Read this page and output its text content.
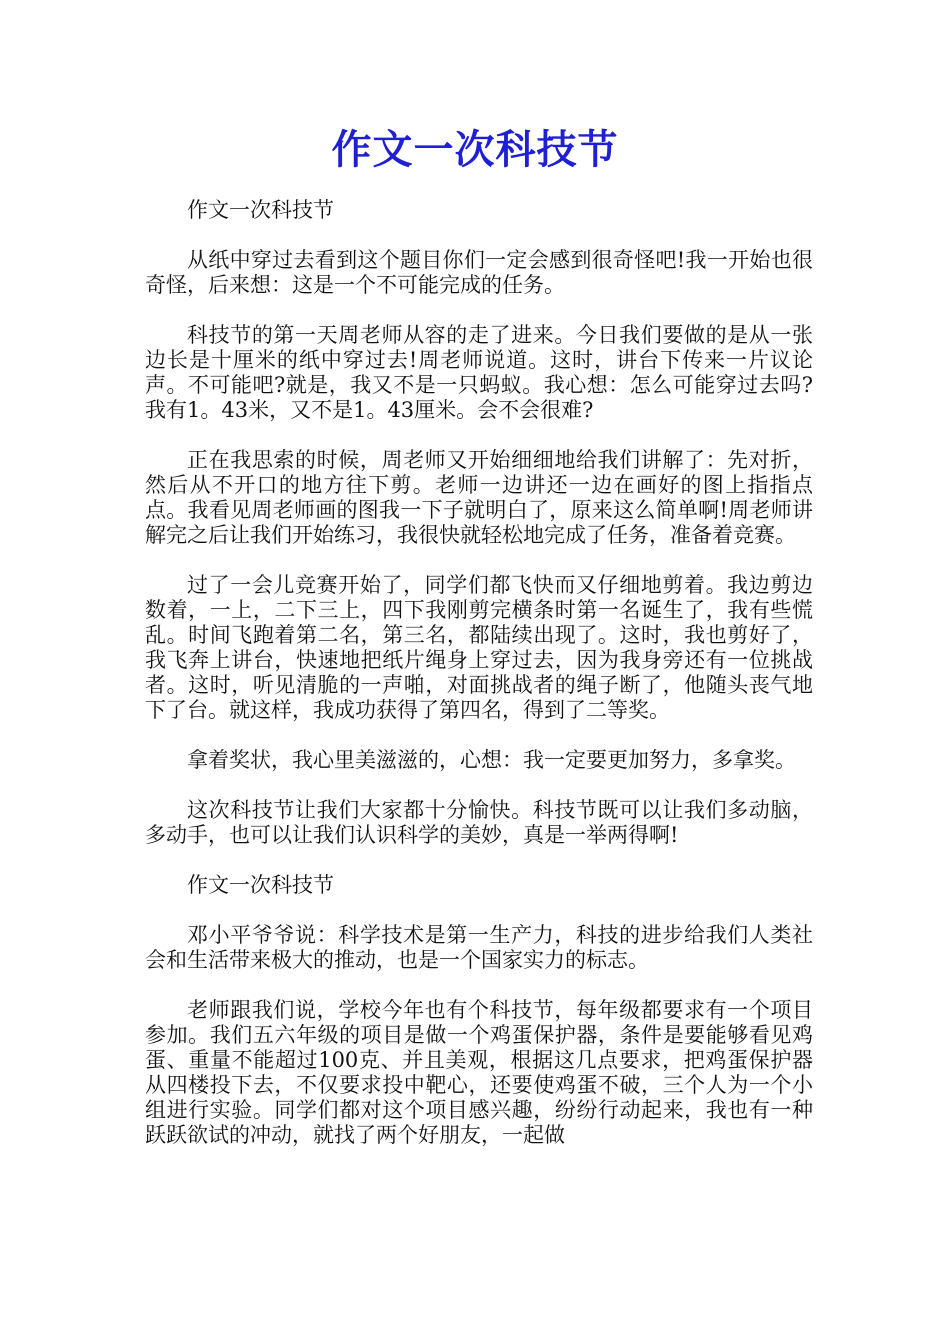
作文一次科技节

作文一次科技节

从纸中穿过去看到这个题目你们一定会感到很奇怪吧!我一开始也很奇怪，后来想：这是一个不可能完成的任务。

科技节的第一天周老师从容的走了进来。今日我们要做的是从一张边长是十厘米的纸中穿过去!周老师说道。这时，讲台下传来一片议论声。不可能吧?就是，我又不是一只蚂蚁。我心想：怎么可能穿过去吗?我有1。43米，又不是1。43厘米。会不会很难?

正在我思索的时候，周老师又开始细细地给我们讲解了：先对折，然后从不开口的地方往下剪。老师一边讲还一边在画好的图上指指点点。我看见周老师画的图我一下子就明白了，原来这么简单啊!周老师讲解完之后让我们开始练习，我很快就轻松地完成了任务，准备着竞赛。

过了一会儿竞赛开始了，同学们都飞快而又仔细地剪着。我边剪边数着，一上，二下三上，四下我刚剪完横条时第一名诞生了，我有些慌乱。时间飞跑着第二名，第三名，都陆续出现了。这时，我也剪好了，我飞奔上讲台，快速地把纸片绳身上穿过去，因为我身旁还有一位挑战者。这时，听见清脆的一声啪，对面挑战者的绳子断了，他随头丧气地下了台。就这样，我成功获得了第四名，得到了二等奖。

拿着奖状，我心里美滋滋的，心想：我一定要更加努力，多拿奖。

这次科技节让我们大家都十分愉快。科技节既可以让我们多动脑，多动手，也可以让我们认识科学的美妙，真是一举两得啊!

作文一次科技节

邓小平爷爷说：科学技术是第一生产力，科技的进步给我们人类社会和生活带来极大的推动，也是一个国家实力的标志。

老师跟我们说，学校今年也有个科技节，每年级都要求有一个项目参加。我们五六年级的项目是做一个鸡蛋保护器，条件是要能够看见鸡蛋、重量不能超过100克、并且美观，根据这几点要求，把鸡蛋保护器从四楼投下去，不仅要求投中靶心，还要使鸡蛋不破，三个人为一个小组进行实验。同学们都对这个项目感兴趣，纷纷行动起来，我也有一种跃跃欲试的冲动，就找了两个好朋友，一起做
